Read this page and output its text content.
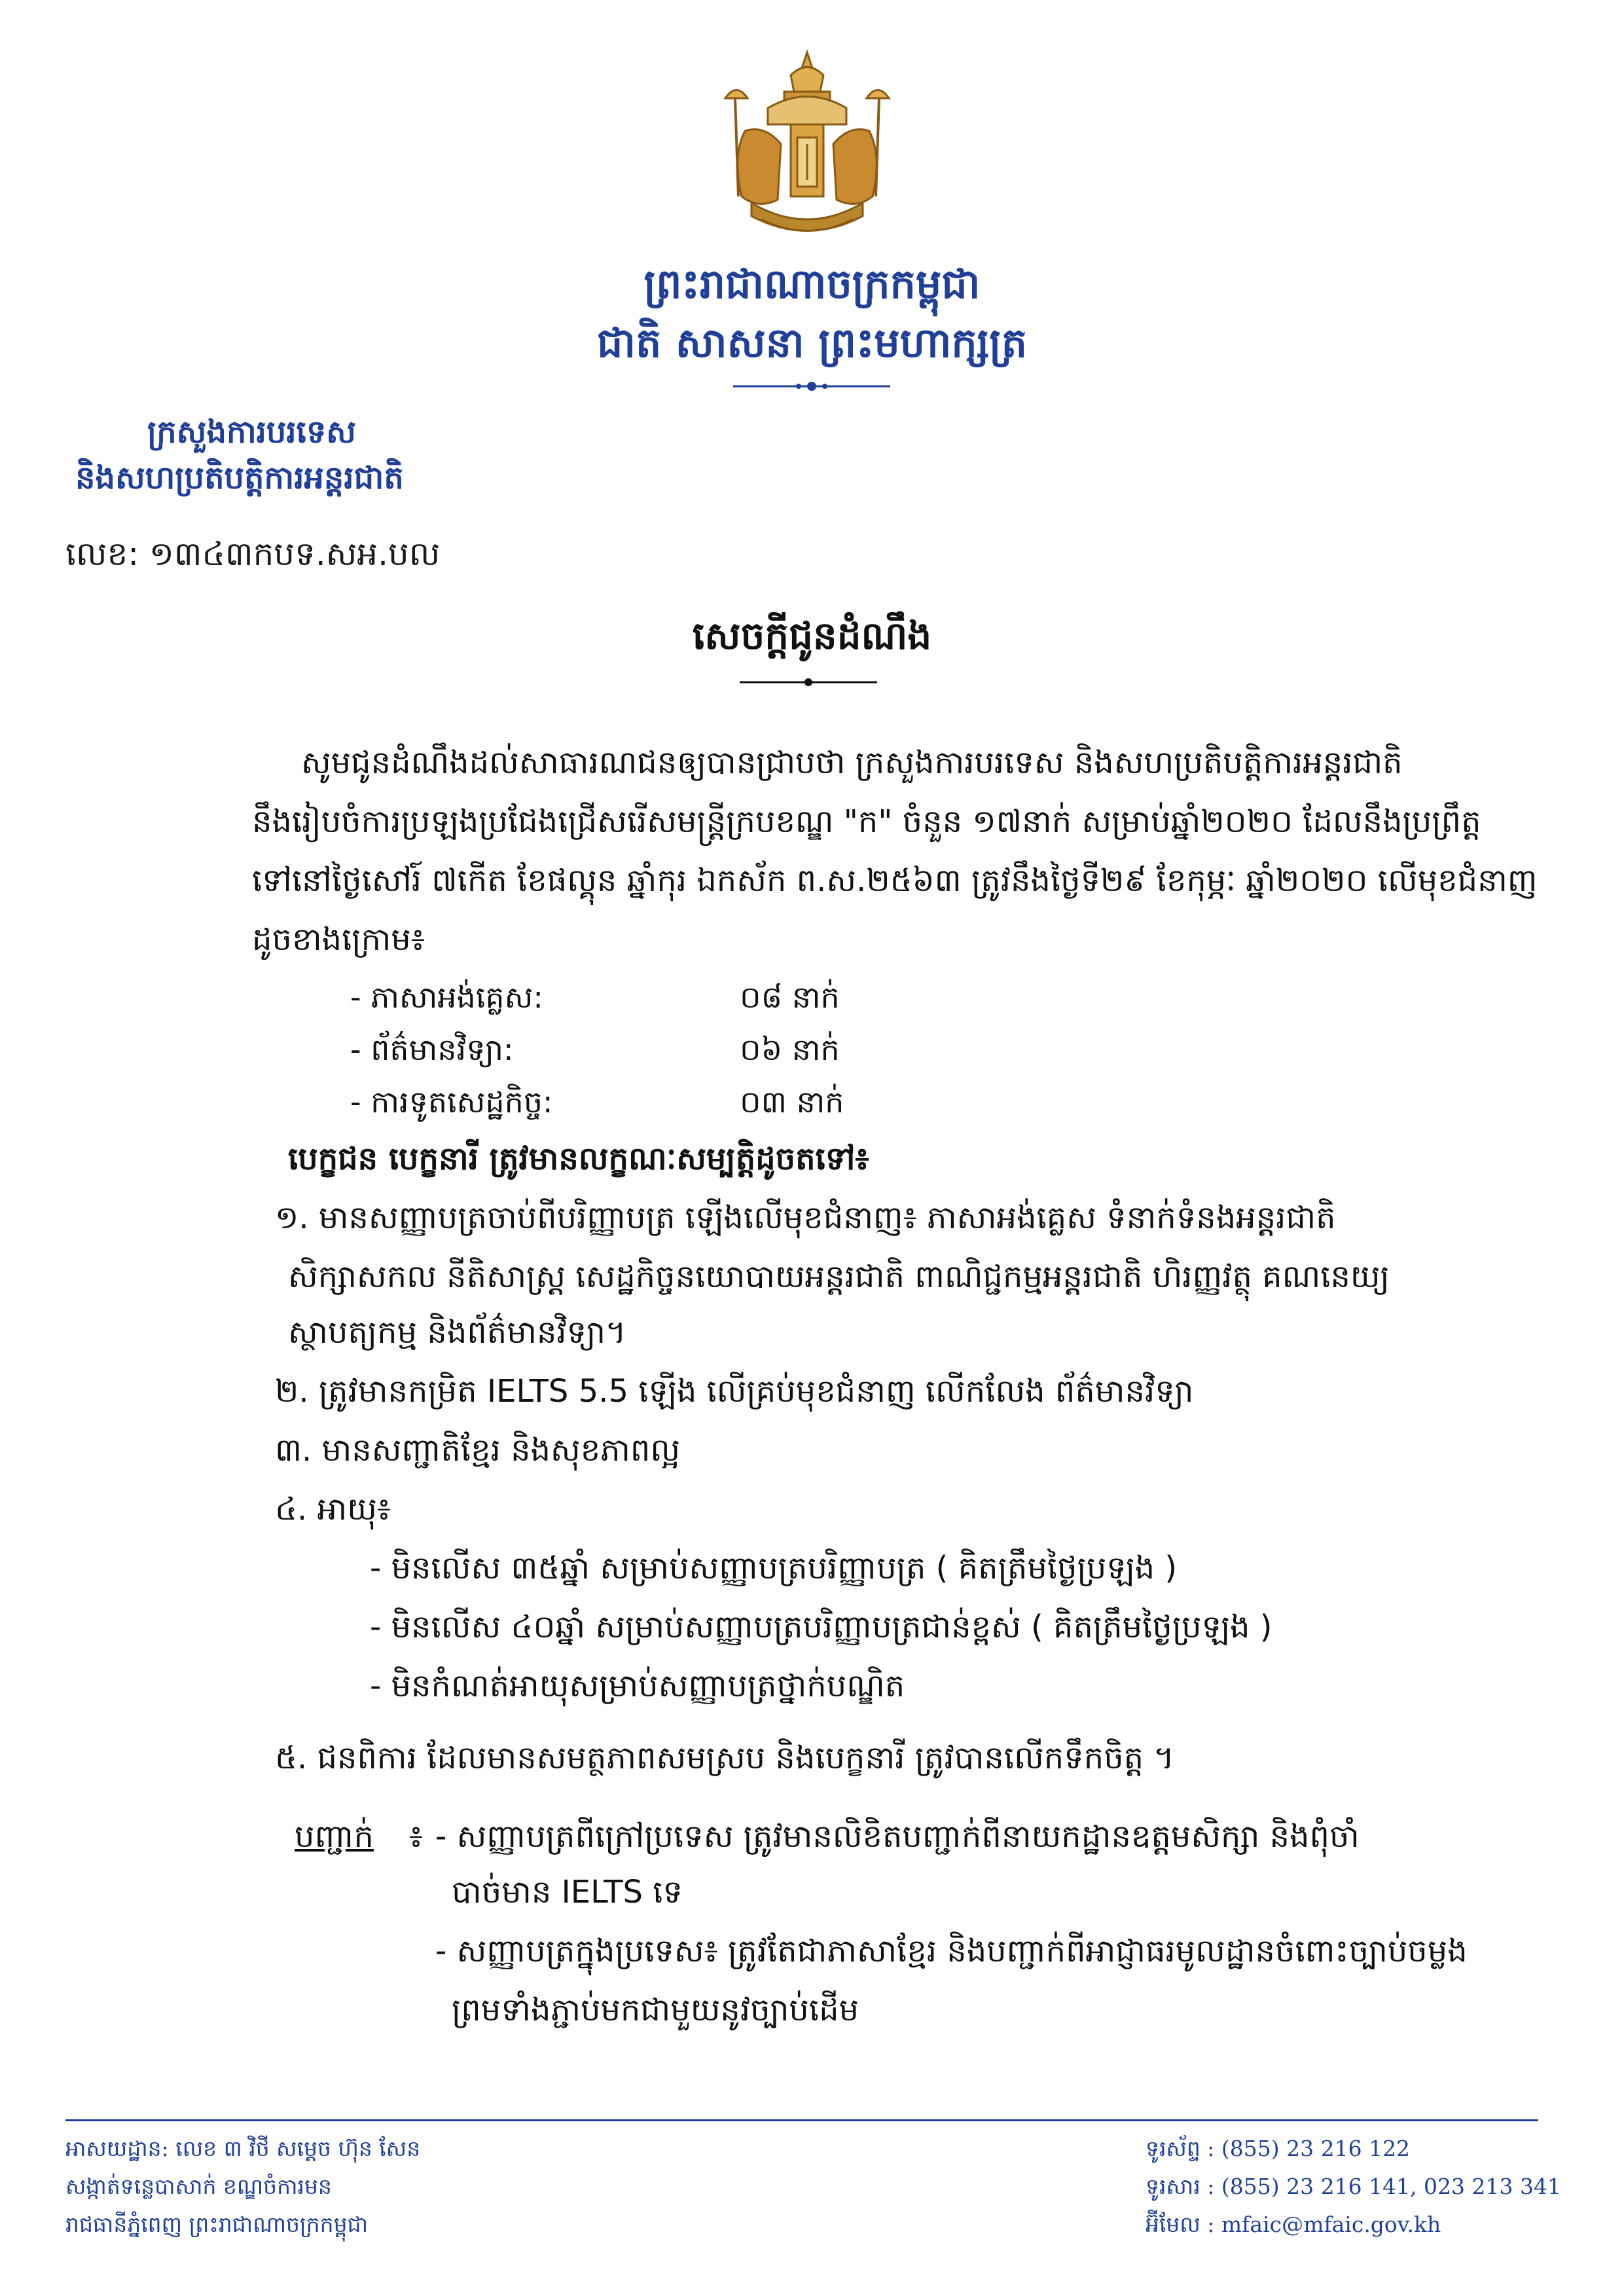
ព្រះរាជាណាចក្រកម្ពុជា
ជាតិ សាសនា ព្រះមហាក្សត្រ
ក្រសួងការបរទេស
និងសហប្រតិបត្តិការអន្តរជាតិ
លេខ: ១៣៤៣កបទ.សអ.បល
សេចក្តីជូនដំណឹង
សូមជូនដំណឹងដល់សាធារណជនឲ្យបានជ្រាបថា ក្រសួងការបរទេស និងសហប្រតិបត្តិការអន្តរជាតិ
នឹងរៀបចំការប្រឡងប្រជែងជ្រើសរើសមន្ត្រីក្របខណ្ឌ "ក" ចំនួន ១៧នាក់ សម្រាប់ឆ្នាំ២០២០ ដែលនឹងប្រព្រឹត្ត
ទៅនៅថ្ងៃសៅរ៍ ៧កើត ខែផល្គុន ឆ្នាំកុរ ឯកស័ក ព.ស.២៥៦៣ ត្រូវនឹងថ្ងៃទី២៩ ខែកុម្ភៈ ឆ្នាំ២០២០ លើមុខជំនាញ
ដូចខាងក្រោម៖
- ភាសាអង់គ្លេស:	០៨ នាក់
- ព័ត៌មានវិទ្យា:	០៦ នាក់
- ការទូតសេដ្ឋកិច្ច:	០៣ នាក់
បេក្ខជន បេក្ខនារី ត្រូវមានលក្ខណៈសម្បត្តិដូចតទៅ៖
១. មានសញ្ញាបត្រចាប់ពីបរិញ្ញាបត្រ ឡើងលើមុខជំនាញ៖ ភាសាអង់គ្លេស ទំនាក់ទំនងអន្តរជាតិ
សិក្សាសកល នីតិសាស្ត្រ សេដ្ឋកិច្ចនយោបាយអន្តរជាតិ ពាណិជ្ជកម្មអន្តរជាតិ ហិរញ្ញវត្ថុ គណនេយ្យ
ស្ថាបត្យកម្ម និងព័ត៌មានវិទ្យា។
២. ត្រូវមានកម្រិត IELTS 5.5 ឡើង លើគ្រប់មុខជំនាញ លើកលែង ព័ត៌មានវិទ្យា
៣. មានសញ្ជាតិខ្មែរ និងសុខភាពល្អ
៤. អាយុ៖
- មិនលើស ៣៥ឆ្នាំ សម្រាប់សញ្ញាបត្របរិញ្ញាបត្រ ( គិតត្រឹមថ្ងៃប្រឡង )
- មិនលើស ៤០ឆ្នាំ សម្រាប់សញ្ញាបត្របរិញ្ញាបត្រជាន់ខ្ពស់ ( គិតត្រឹមថ្ងៃប្រឡង )
- មិនកំណត់អាយុសម្រាប់សញ្ញាបត្រថ្នាក់បណ្ឌិត
៥. ជនពិការ ដែលមានសមត្ថភាពសមស្រប និងបេក្ខនារី ត្រូវបានលើកទឹកចិត្ត ។
បញ្ជាក់ ៖ - សញ្ញាបត្រពីក្រៅប្រទេស ត្រូវមានលិខិតបញ្ជាក់ពីនាយកដ្ឋានឧត្តមសិក្សា និងពុំចាំ
បាច់មាន IELTS ទេ
- សញ្ញាបត្រក្នុងប្រទេស៖ ត្រូវតែជាភាសាខ្មែរ និងបញ្ជាក់ពីអាជ្ញាធរមូលដ្ឋានចំពោះច្បាប់ចម្លង
ព្រមទាំងភ្ជាប់មកជាមួយនូវច្បាប់ដើម
អាសយដ្ឋាន: លេខ ៣ វិថី សម្តេច ហ៊ុន សែន
សង្កាត់ទន្លេបាសាក់ ខណ្ឌចំការមន
រាជធានីភ្នំពេញ ព្រះរាជាណាចក្រកម្ពុជា
ទូរស័ព្ទ : (855) 23 216 122
ទូរសារ : (855) 23 216 141, 023 213 341
អ៊ីមែល : mfaic@mfaic.gov.kh
